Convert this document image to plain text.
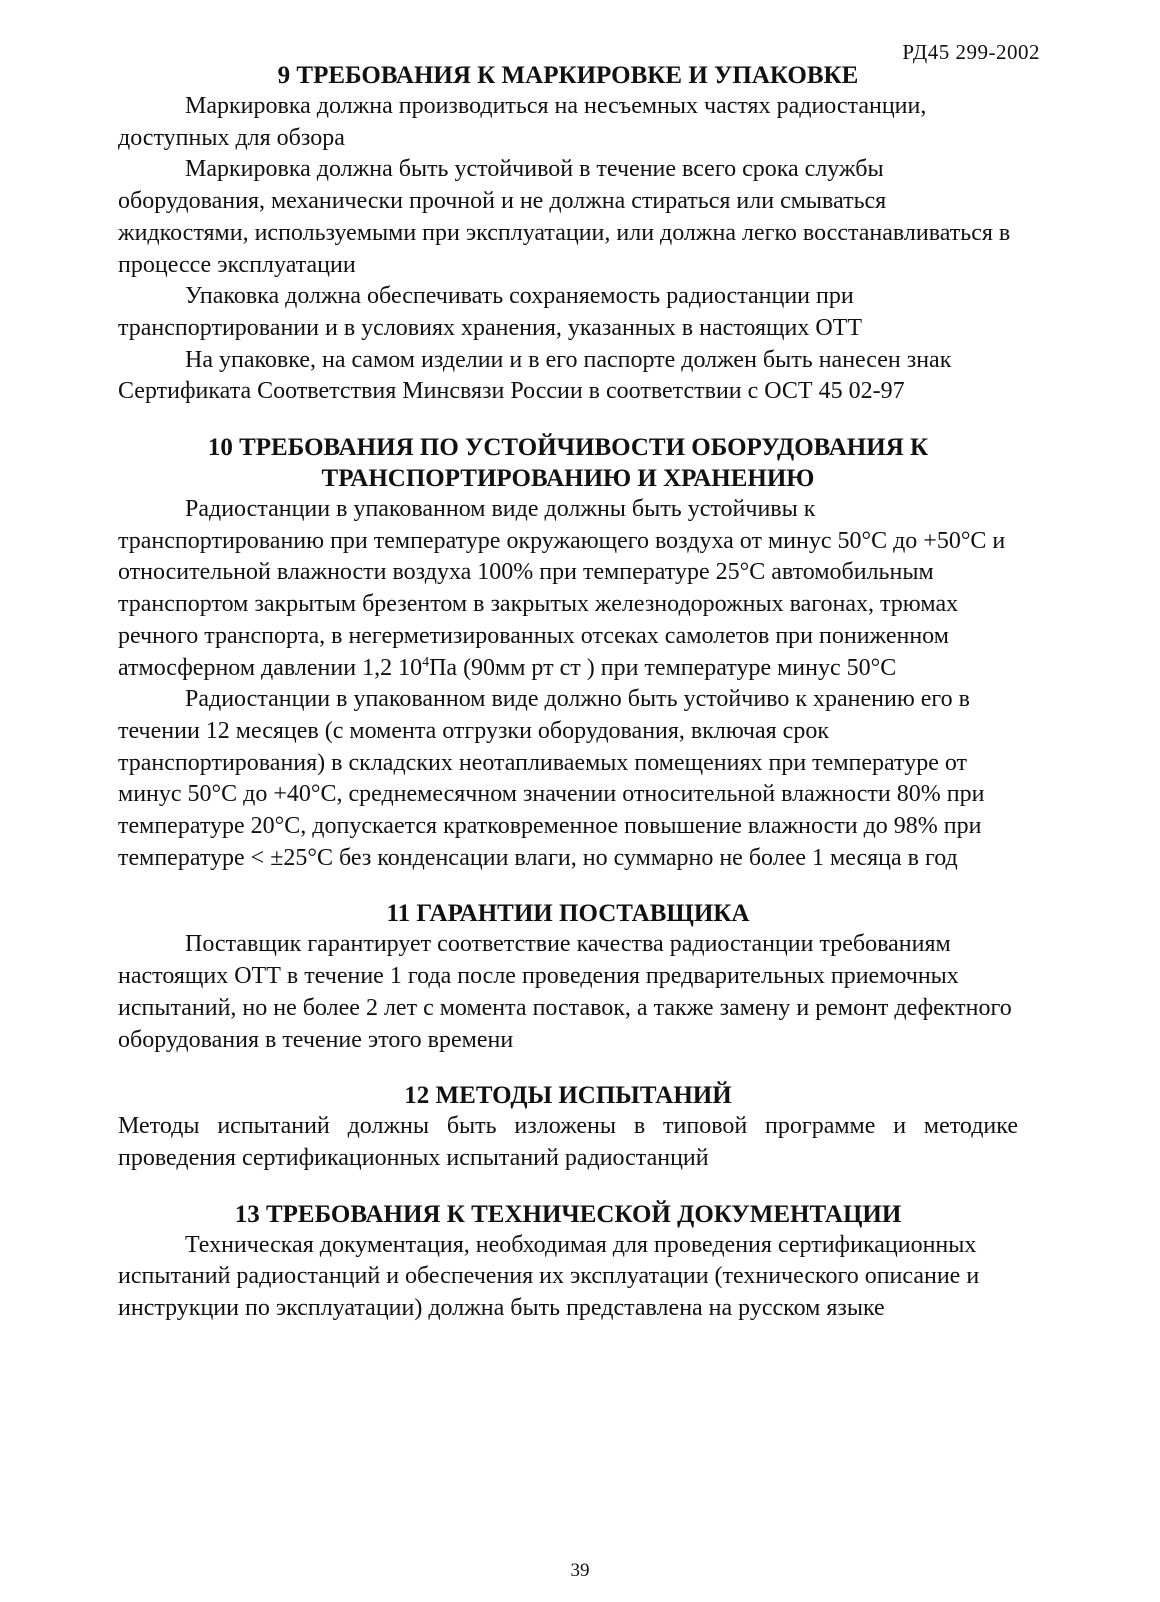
РД45 299-2002
9 ТРЕБОВАНИЯ К МАРКИРОВКЕ И УПАКОВКЕ

Маркировка должна производиться на несъемных частях радиостанции, доступных для обзора

Маркировка должна быть устойчивой в течение всего срока службы оборудования, механически прочной и не должна стираться или смываться жидкостями, используемыми при эксплуатации, или должна легко восстанавливаться в процессе эксплуатации

Упаковка должна обеспечивать сохраняемость радиостанции при транспортировании и в условиях хранения, указанных в настоящих ОТТ

На упаковке, на самом изделии и в его паспорте должен быть нанесен знак Сертификата Соответствия Минсвязи России в соответствии с ОСТ 45 02-97

10 ТРЕБОВАНИЯ ПО УСТОЙЧИВОСТИ ОБОРУДОВАНИЯ К
ТРАНСПОРТИРОВАНИЮ И ХРАНЕНИЮ

Радиостанции в упакованном виде должны быть устойчивы к транспортированию при температуре окружающего воздуха от минус 50°С до +50°С и относительной влажности воздуха 100% при температуре 25°С автомобильным транспортом закрытым брезентом в закрытых железнодорожных вагонах, трюмах речного транспорта, в негерметизированных отсеках самолетов при пониженном атмосферном давлении 1,2 $10^4Па$ (90мм рт ст ) при температуре минус 50°С

Радиостанции в упакованном виде должно быть устойчиво к хранению его в течении 12 месяцев (с момента отгрузки оборудования, включая срок транспортирования) в складских неотапливаемых помещениях при температуре от минус 50°С до +40°С, среднемесячном значении относительной влажности 80% при температуре 20°С, допускается кратковременное повышение влажности до 98% при температуре < ±25°С без конденсации влаги, но суммарно не более 1 месяца в год

11 ГАРАНТИИ ПОСТАВЩИКА

Поставщик гарантирует соответствие качества радиостанции требованиям настоящих ОТТ в течение 1 года после проведения предварительных приемочных испытаний, но не более 2 лет с момента поставок, а также замену и ремонт дефектного оборудования в течение этого времени

12 МЕТОДЫ ИСПЫТАНИЙ

Методы испытаний должны быть изложены в типовой программе и методике проведения сертификационных испытаний радиостанций

13 ТРЕБОВАНИЯ К ТЕХНИЧЕСКОЙ ДОКУМЕНТАЦИИ

Техническая документация, необходимая для проведения сертификационных испытаний радиостанций и обеспечения их эксплуатации (технического описание и инструкции по эксплуатации) должна быть представлена на русском языке

39
